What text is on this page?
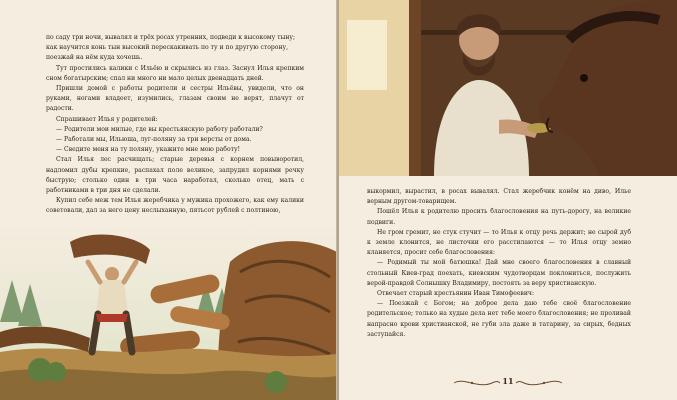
по саду три ночи, вывалял и трёх росах утренних, подведи к высокому тыну;

как научится конь тын высокий перескакивать по ту и по другую сторону,

поезжай на нём куда хочешь.

Тут простились калики с Ильёю и скрылись из глаз. Заснул Илья крепким сном богатырским; спал ни много ни мало целых двенадцать дней.

Пришли домой с работы родители и сестры Ильёвы, увидели, что он руками, ногами владеет, изумились, глазам своим не верят, плачут от радости.

Спрашивает Илья у родителей:

— Родители мои милые, где вы крестьянскую работу работали?

— Работали мы, Ильюша, луг-поляну за три версты от дома.

— Сведите меня на ту поляну, укажите мне мою работу!

Стал Илья лес расчищать; старые деревья с корнем повыворотил, надломил дубы крепкие, распахал поле великое, запрудил корнями речку быструю; столько один в три часа наработал, сколько отец, мать с работниками в три дня не сделали.

Купил себе меж тем Илья жеребчика у мужика прохожего, как ему калики советовали, дал за него цену неслыханную, пятьсот рублей с полтиною,

выкормил, вырастил, в росах вывалял. Стал жеребчик конём на диво, Илье верным другом-товарищем.

Пошёл Илья к родителю просить благословения на путь-дорогу, на великие подвиги.

Не гром гремит, не стук стучит — то Илья к отцу речь держит; не сырой дуб к земле клонится, не листочки его расстилаются — то Илья отцу земно кланяется, просит себе благословения:

— Родимый ты мой батюшка! Дай мне своего благословения в славный стольный Киев-град поехать, киевским чудотворцам поклониться, послужить верой-правдой Солнышку Владимиру, постоять за веру христианскую.

Отвечает старый крестьянин Иван Тимофеевич:

— Поезжай с Богом; на доброе дела даю тебе своё благословение родительское; только на худые дела нет тебе моего благословения; не проливай напрасно крови христианской, не губи зла даже и татарину, за сирых, бедных заступайся.

11
